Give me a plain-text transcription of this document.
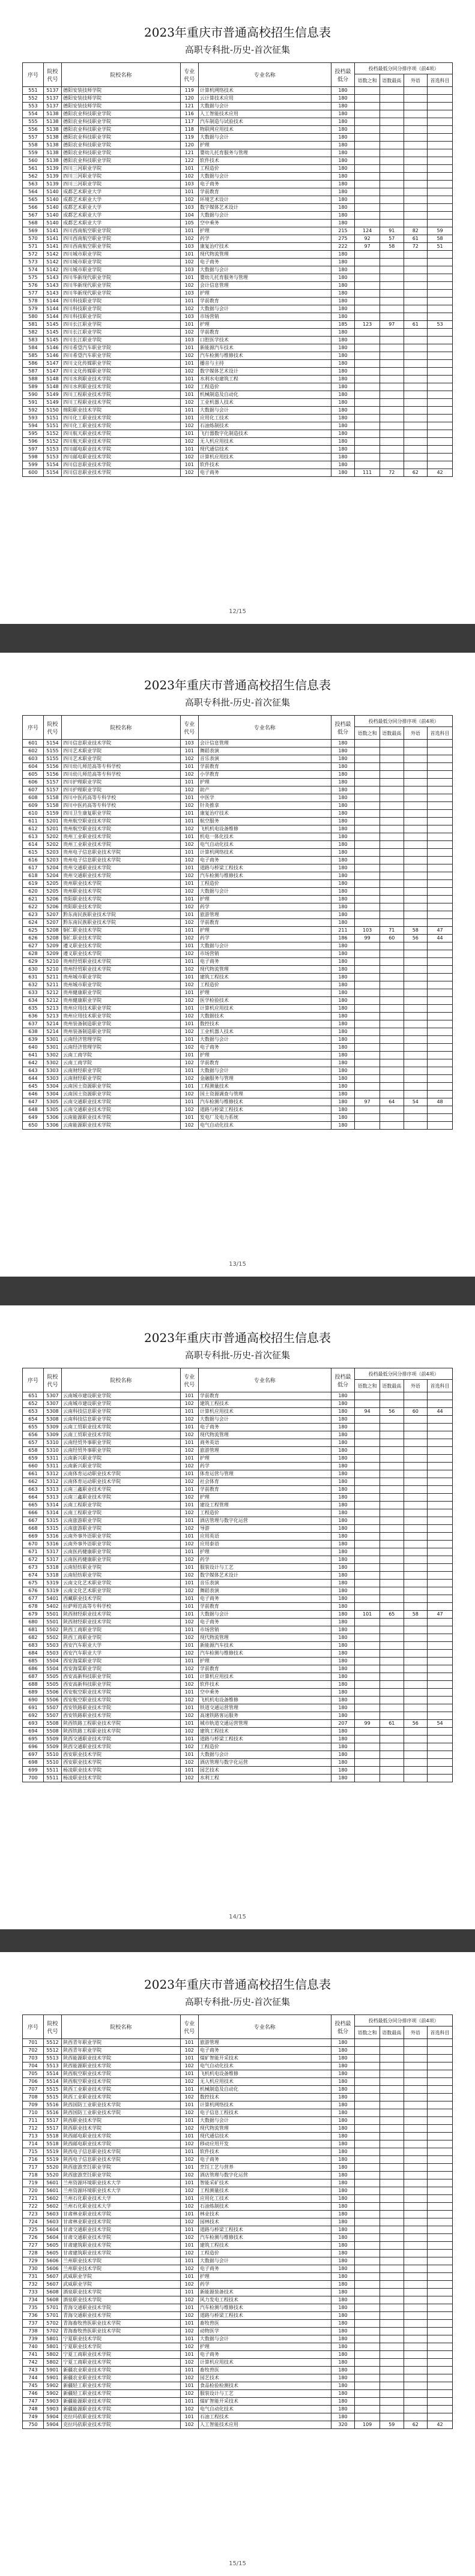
2023年重庆市普通高校招生信息表
高职专科批-历史-首次征集
序号	院校代号	院校名称	专业代号	专业名称	投档最低分	投档最低分同分排序项（前4项）			
						语数之和	语数最高	外语	首选科目
551	5137	德阳安装技师学院	119	计算机网络技术	180				
552	5137	德阳安装技师学院	120	云计算技术应用	180				
553	5137	德阳安装技师学院	121	大数据与会计	180				
554	5138	德阳农业科技职业学院	116	人工智能技术应用	180				
555	5138	德阳农业科技职业学院	117	汽车制造与试验技术	180				
556	5138	德阳农业科技职业学院	118	物联网应用技术	180				
557	5138	德阳农业科技职业学院	119	大数据与会计	180				
558	5138	德阳农业科技职业学院	120	护理	180				
559	5138	德阳农业科技职业学院	121	婴幼儿托育服务与管理	180				
560	5138	德阳农业科技职业学院	122	软件技术	180				
561	5139	四川三河职业学院	101	工程造价	180				
562	5139	四川三河职业学院	102	大数据与会计	180				
563	5139	四川三河职业学院	103	电子商务	180				
564	5140	成都艺术职业大学	101	学前教育	180				
565	5140	成都艺术职业大学	102	环境艺术设计	180				
566	5140	成都艺术职业大学	103	数字媒体艺术设计	180				
567	5140	成都艺术职业大学	104	大数据与会计	180				
568	5140	成都艺术职业大学	105	空中乘务	180				
569	5141	四川西南航空职业学院	101	护理	215	124	91	82	59
570	5141	四川西南航空职业学院	102	药学	275	92	57	61	58
571	5141	四川西南航空职业学院	103	康复治疗技术	222	97	58	72	51
572	5142	四川城市职业学院	101	现代物流管理	180				
573	5142	四川城市职业学院	102	电子商务	180				
574	5142	四川城市职业学院	103	大数据与会计	180				
575	5143	四川华新现代职业学院	101	婴幼儿托育服务与管理	180				
576	5143	四川华新现代职业学院	102	会计信息管理	180				
577	5143	四川华新现代职业学院	103	护理	180				
578	5144	四川科技职业学院	101	学前教育	180				
579	5144	四川科技职业学院	102	大数据与会计	180				
580	5144	四川科技职业学院	103	市场营销	180				
581	5145	四川长江职业学院	101	护理	185	123	97	61	53
582	5145	四川长江职业学院	102	学前教育	180				
583	5145	四川长江职业学院	103	口腔医学技术	180				
584	5146	四川希望汽车职业学院	101	新能源汽车技术	180				
585	5146	四川希望汽车职业学院	102	汽车检测与维修技术	180				
586	5147	四川文化传媒职业学院	101	播音与主持	180				
587	5147	四川文化传媒职业学院	102	数字媒体艺术设计	180				
588	5148	四川水利职业技术学院	101	水利水电建筑工程	180				
589	5148	四川水利职业技术学院	102	工程造价	180				
590	5149	四川工程职业技术学院	101	机械制造及自动化	180				
591	5149	四川工程职业技术学院	102	工业机器人技术	180				
592	5150	绵阳职业技术学院	101	大数据与会计	180				
593	5151	四川化工职业技术学院	101	应用化工技术	180				
594	5151	四川化工职业技术学院	102	石油炼制技术	180				
595	5152	四川航天职业技术学院	101	飞行器数字化制造技术	180				
596	5152	四川航天职业技术学院	102	无人机应用技术	180				
597	5153	四川邮电职业技术学院	101	现代通信技术	180				
598	5153	四川邮电职业技术学院	102	计算机应用技术	180				
599	5154	四川信息职业技术学院	101	软件技术	180				
600	5154	四川信息职业技术学院	102	电子商务	180	111	72	62	42
12/15
2023年重庆市普通高校招生信息表
高职专科批-历史-首次征集
序号	院校代号	院校名称	专业代号	专业名称	投档最低分	投档最低分同分排序项（前4项）			
						语数之和	语数最高	外语	首选科目
601	5154	四川信息职业技术学院	103	会计信息管理	180				
602	5155	四川艺术职业学院	101	舞蹈表演	180				
603	5155	四川艺术职业学院	102	音乐表演	180				
604	5156	四川幼儿师范高等专科学校	101	学前教育	180				
605	5156	四川幼儿师范高等专科学校	102	小学教育	180				
606	5157	四川护理职业学院	101	护理	180				
607	5157	四川护理职业学院	102	助产	180				
608	5158	四川中医药高等专科学校	101	中医学	180				
609	5158	四川中医药高等专科学校	102	针灸推拿	180				
610	5159	四川卫生康复职业学院	101	康复治疗技术	180				
611	5201	贵州航空职业技术学院	101	航空服务	180				
612	5201	贵州航空职业技术学院	102	飞机机电设备维修	180				
613	5202	贵州工业职业技术学院	101	机电一体化技术	180				
614	5202	贵州工业职业技术学院	102	电气自动化技术	180				
615	5203	贵州电子信息职业技术学院	101	计算机网络技术	180				
616	5203	贵州电子信息职业技术学院	102	电子商务	180				
617	5204	贵州交通职业技术学院	101	道路与桥梁工程技术	180				
618	5204	贵州交通职业技术学院	102	汽车检测与维修技术	180				
619	5205	贵州职业技术学院	101	工程造价	180				
620	5205	贵州职业技术学院	102	大数据与会计	180				
621	5206	贵阳职业技术学院	101	护理	180				
622	5206	贵阳职业技术学院	102	药学	180				
623	5207	黔东南民族职业技术学院	101	旅游管理	180				
624	5207	黔东南民族职业技术学院	102	学前教育	180				
625	5208	铜仁职业技术学院	101	护理	211	103	71	58	47
626	5208	铜仁职业技术学院	102	药学	186	99	60	56	44
627	5209	遵义职业技术学院	101	大数据与会计	180				
628	5209	遵义职业技术学院	102	市场营销	180				
629	5210	贵州经贸职业技术学院	101	电子商务	180				
630	5210	贵州经贸职业技术学院	102	现代物流管理	180				
631	5211	贵州城市职业学院	101	建筑工程技术	180				
632	5211	贵州城市职业学院	102	工程造价	180				
633	5212	贵州健康职业学院	101	护理	180				
634	5212	贵州健康职业学院	102	医学检验技术	180				
635	5213	贵州应用技术职业学院	101	计算机应用技术	180				
636	5213	贵州应用技术职业学院	102	大数据技术	180				
637	5214	贵州装备制造职业学院	101	数控技术	180				
638	5214	贵州装备制造职业学院	102	工业机器人技术	180				
639	5301	云南经济管理学院	101	大数据与会计	180				
640	5301	云南经济管理学院	102	电子商务	180				
641	5302	云南工商学院	101	护理	180				
642	5302	云南工商学院	102	学前教育	180				
643	5303	云南财经职业学院	101	大数据与会计	180				
644	5303	云南财经职业学院	102	金融服务与管理	180				
645	5304	云南国土资源职业学院	101	工程测量技术	180				
646	5304	云南国土资源职业学院	102	国土资源调查与管理	180				
647	5305	云南交通职业技术学院	101	汽车检测与维修技术	180	97	64	54	48
648	5305	云南交通职业技术学院	102	道路与桥梁工程技术	180				
649	5306	云南能源职业技术学院	101	发电厂及电力系统	180				
650	5306	云南能源职业技术学院	102	电气自动化技术	180				
13/15
2023年重庆市普通高校招生信息表
高职专科批-历史-首次征集
序号	院校代号	院校名称	专业代号	专业名称	投档最低分	投档最低分同分排序项（前4项）			
						语数之和	语数最高	外语	首选科目
651	5307	云南城市建设职业学院	101	学前教育	180				
652	5307	云南城市建设职业学院	102	建筑工程技术	180				
653	5308	云南科技信息职业学院	101	计算机应用技术	180	94	56	60	44
654	5308	云南科技信息职业学院	102	大数据与会计	180				
655	5309	云南工贸职业技术学院	101	电子商务	180				
656	5309	云南工贸职业技术学院	102	现代物流管理	180				
657	5310	云南经贸外事职业学院	101	商务英语	180				
658	5310	云南经贸外事职业学院	102	旅游管理	180				
659	5311	云南新兴职业学院	101	护理	180				
660	5311	云南新兴职业学院	102	药学	180				
661	5312	云南体育运动职业技术学院	101	体育运营与管理	180				
662	5312	云南体育运动职业技术学院	102	社会体育	180				
663	5313	云南三鑫职业技术学院	101	学前教育	180				
664	5313	云南三鑫职业技术学院	102	护理	180				
665	5314	云南工程职业学院	101	建设工程管理	180				
666	5314	云南工程职业学院	102	工程造价	180				
667	5315	云南旅游职业学院	101	酒店管理与数字化运营	180				
668	5315	云南旅游职业学院	102	导游	180				
669	5316	云南外事外语职业学院	101	应用英语	180				
670	5316	云南外事外语职业学院	102	应用泰语	180				
671	5317	云南医药健康职业学院	101	护理	180				
672	5317	云南医药健康职业学院	102	药学	180				
673	5318	云南轻纺职业学院	101	服装设计与工艺	180				
674	5318	云南轻纺职业学院	102	数字媒体艺术设计	180				
675	5319	云南文化艺术职业学院	101	音乐表演	180				
676	5319	云南文化艺术职业学院	102	舞蹈表演	180				
677	5401	西藏职业技术学院	101	电子商务	180				
678	5402	拉萨师范高等专科学校	101	学前教育	180				
679	5501	陕西财经职业技术学院	101	大数据与会计	180	101	65	58	47
680	5501	陕西财经职业技术学院	102	电子商务	180				
681	5502	陕西工商职业学院	101	市场营销	180				
682	5502	陕西工商职业学院	102	现代物流管理	180				
683	5503	西安汽车职业大学	101	新能源汽车技术	180				
684	5503	西安汽车职业大学	102	汽车检测与维修技术	180				
685	5504	西安海棠职业学院	101	护理	180				
686	5504	西安海棠职业学院	102	学前教育	180				
687	5505	西安高新科技职业学院	101	计算机应用技术	180				
688	5505	西安高新科技职业学院	102	软件技术	180				
689	5506	西安航空职业技术学院	101	空中乘务	180				
690	5506	西安航空职业技术学院	102	飞机机电设备维修	180				
691	5507	西安铁路职业技术学院	101	铁道交通运营管理	180				
692	5507	西安铁路职业技术学院	102	高速铁路客运服务	180				
693	5508	陕西铁路工程职业技术学院	101	城市轨道交通运营管理	207	99	61	56	54
694	5508	陕西铁路工程职业技术学院	102	建筑工程技术	180				
695	5509	陕西交通职业技术学院	101	道路与桥梁工程技术	180				
696	5509	陕西交通职业技术学院	102	工程造价	180				
697	5510	西安职业技术学院	101	大数据与会计	180				
698	5510	西安职业技术学院	102	酒店管理与数字化运营	180				
699	5511	杨凌职业技术学院	101	园艺技术	180				
700	5511	杨凌职业技术学院	102	水利工程	180				
14/15
2023年重庆市普通高校招生信息表
高职专科批-历史-首次征集
序号	院校代号	院校名称	专业代号	专业名称	投档最低分	投档最低分同分排序项（前4项）			
						语数之和	语数最高	外语	首选科目
701	5512	陕西青年职业学院	101	旅游管理	180				
702	5512	陕西青年职业学院	102	电子商务	180				
703	5513	陕西能源职业技术学院	101	煤矿智能开采技术	180				
704	5513	陕西能源职业技术学院	102	电气自动化技术	180				
705	5514	陕西航空职业技术学院	101	飞机机电设备维修	180				
706	5514	陕西航空职业技术学院	102	无人机应用技术	180				
707	5515	陕西工业职业技术学院	101	机械制造及自动化	180				
708	5515	陕西工业职业技术学院	102	数控技术	180				
709	5516	陕西国防工业职业技术学院	101	计算机网络技术	180				
710	5516	陕西国防工业职业技术学院	102	电子信息工程技术	180				
711	5517	陕西职业技术学院	101	大数据与会计	180				
712	5517	陕西职业技术学院	102	现代物流管理	180				
713	5518	陕西邮电职业技术学院	101	现代通信技术	180				
714	5518	陕西邮电职业技术学院	102	移动应用开发	180				
715	5519	陕西电子信息职业技术学院	101	软件技术	180				
716	5519	陕西电子信息职业技术学院	102	电子商务	180				
717	5520	陕西旅游烹饪职业学院	101	烹饪工艺与营养	180				
718	5520	陕西旅游烹饪职业学院	102	酒店管理与数字化运营	180				
719	5601	兰州资源环境职业技术大学	101	智能采矿技术	180				
720	5601	兰州资源环境职业技术大学	102	工程测量技术	180				
721	5602	兰州石化职业技术大学	101	应用化工技术	180				
722	5602	兰州石化职业技术大学	102	石油炼制技术	180				
723	5603	甘肃林业职业技术学院	101	林业技术	180				
724	5603	甘肃林业职业技术学院	102	园林技术	180				
725	5604	甘肃交通职业技术学院	101	道路与桥梁工程技术	180				
726	5604	甘肃交通职业技术学院	102	汽车检测与维修技术	180				
727	5605	甘肃建筑职业技术学院	101	建筑工程技术	180				
728	5605	甘肃建筑职业技术学院	102	工程造价	180				
729	5606	兰州职业技术学院	101	大数据与会计	180				
730	5606	兰州职业技术学院	102	电子商务	180				
731	5607	武威职业学院	101	护理	180				
732	5607	武威职业学院	102	药学	180				
733	5608	酒泉职业技术学院	101	新能源装备技术	180				
734	5608	酒泉职业技术学院	102	风力发电工程技术	180				
735	5701	青海交通职业技术学院	101	汽车检测与维修技术	180				
736	5701	青海交通职业技术学院	102	道路与桥梁工程技术	180				
737	5702	青海畜牧兽医职业技术学院	101	畜牧兽医	180				
738	5702	青海畜牧兽医职业技术学院	102	动物医学	180				
739	5801	宁夏职业技术学院	101	大数据与会计	180				
740	5801	宁夏职业技术学院	102	护理	180				
741	5802	宁夏工商职业技术学院	101	电子商务	180				
742	5802	宁夏工商职业技术学院	102	计算机应用技术	180				
743	5901	新疆农业职业技术学院	101	畜牧兽医	180				
744	5901	新疆农业职业技术学院	102	园艺技术	180				
745	5902	新疆轻工职业技术学院	101	食品检验检测技术	180				
746	5902	新疆轻工职业技术学院	102	服装设计与工艺	180				
747	5903	新疆能源职业技术学院	101	煤矿智能开采技术	180				
748	5903	新疆能源职业技术学院	102	电气自动化技术	180				
749	5904	克拉玛依职业技术学院	101	石油工程技术	180				
750	5904	克拉玛依职业技术学院	102	人工智能技术应用	320	109	59	62	42
15/15
